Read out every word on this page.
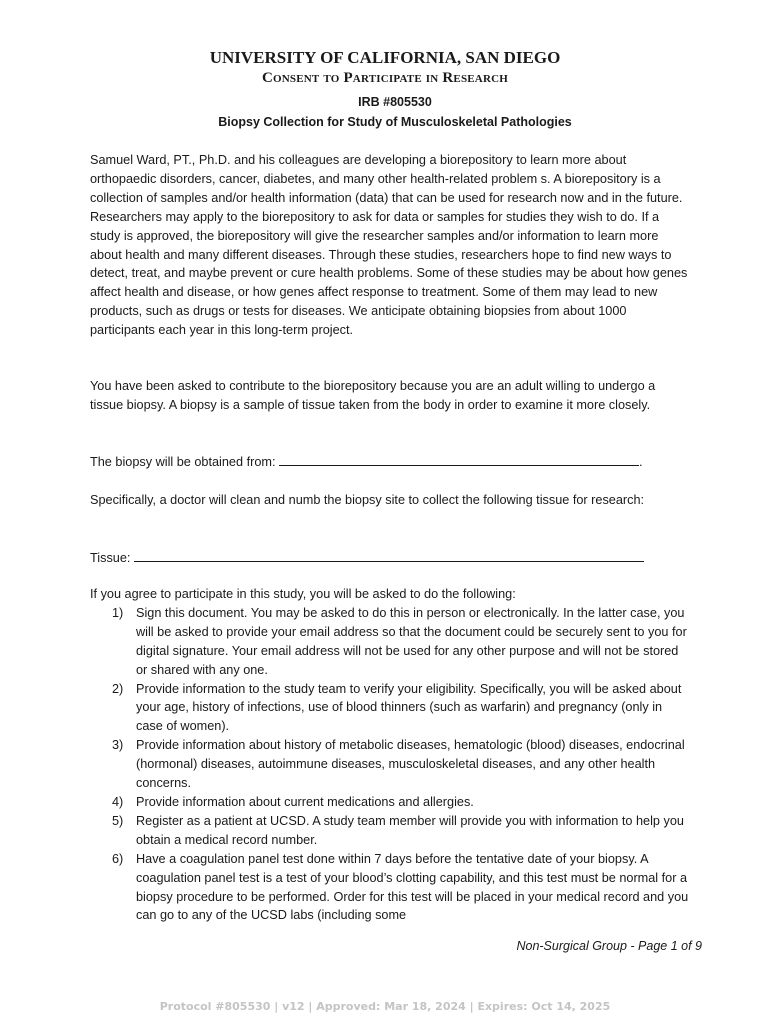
UNIVERSITY OF CALIFORNIA, SAN DIEGO
Consent to Participate in Research
IRB #805530
Biopsy Collection for Study of Musculoskeletal Pathologies
Samuel Ward, PT., Ph.D. and his colleagues are developing a biorepository to learn more about orthopaedic disorders, cancer, diabetes, and many other health-related problem s. A biorepository is a collection of samples and/or health information (data) that can be used for research now and in the future. Researchers may apply to the biorepository to ask for data or samples for studies they wish to do. If a study is approved, the biorepository will give the researcher samples and/or information to learn more about health and many different diseases. Through these studies, researchers hope to find new ways to detect, treat, and maybe prevent or cure health problems. Some of these studies may be about how genes affect health and disease, or how genes affect response to treatment. Some of them may lead to new products, such as drugs or tests for diseases. We anticipate obtaining biopsies from about 1000 participants each year in this long-term project.
You have been asked to contribute to the biorepository because you are an adult willing to undergo a tissue biopsy. A biopsy is a sample of tissue taken from the body in order to examine it more closely.
The biopsy will be obtained from:	.
Specifically, a doctor will clean and numb the biopsy site to collect the following tissue for research:
Tissue:

If you agree to participate in this study, you will be asked to do the following:

1) Sign this document. You may be asked to do this in person or electronically. In the latter case, you will be asked to provide your email address so that the document could be securely sent to you for digital signature. Your email address will not be used for any other purpose and will not be stored or shared with any one.
2) Provide information to the study team to verify your eligibility. Specifically, you will be asked about your age, history of infections, use of blood thinners (such as warfarin) and pregnancy (only in case of women).
3) Provide information about history of metabolic diseases, hematologic (blood) diseases, endocrinal (hormonal) diseases, autoimmune diseases, musculoskeletal diseases, and any other health concerns.
4) Provide information about current medications and allergies.
5) Register as a patient at UCSD. A study team member will provide you with information to help you obtain a medical record number.
6) Have a coagulation panel test done within 7 days before the tentative date of your biopsy. A coagulation panel test is a test of your blood’s clotting capability, and this test must be normal for a biopsy procedure to be performed. Order for this test will be placed in your medical record and you can go to any of the UCSD labs (including some
Non-Surgical Group - Page 1 of 9
Protocol #805530 | v12 | Approved: Mar 18, 2024 | Expires: Oct 14, 2025
